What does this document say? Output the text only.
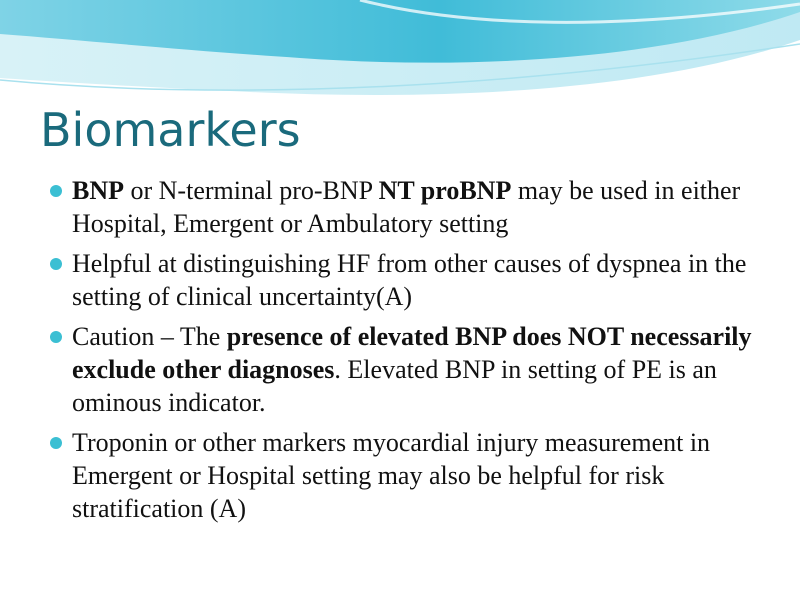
Biomarkers
BNP or N-terminal pro-BNP NT proBNP may be used in either Hospital, Emergent or Ambulatory setting
Helpful at distinguishing HF from other causes of dyspnea in the setting of clinical uncertainty(A)
Caution – The presence of elevated BNP does NOT necessarily exclude other diagnoses. Elevated BNP in setting of PE is an ominous indicator.
Troponin or other markers myocardial injury measurement in Emergent or Hospital setting may also be helpful for risk stratification (A)
